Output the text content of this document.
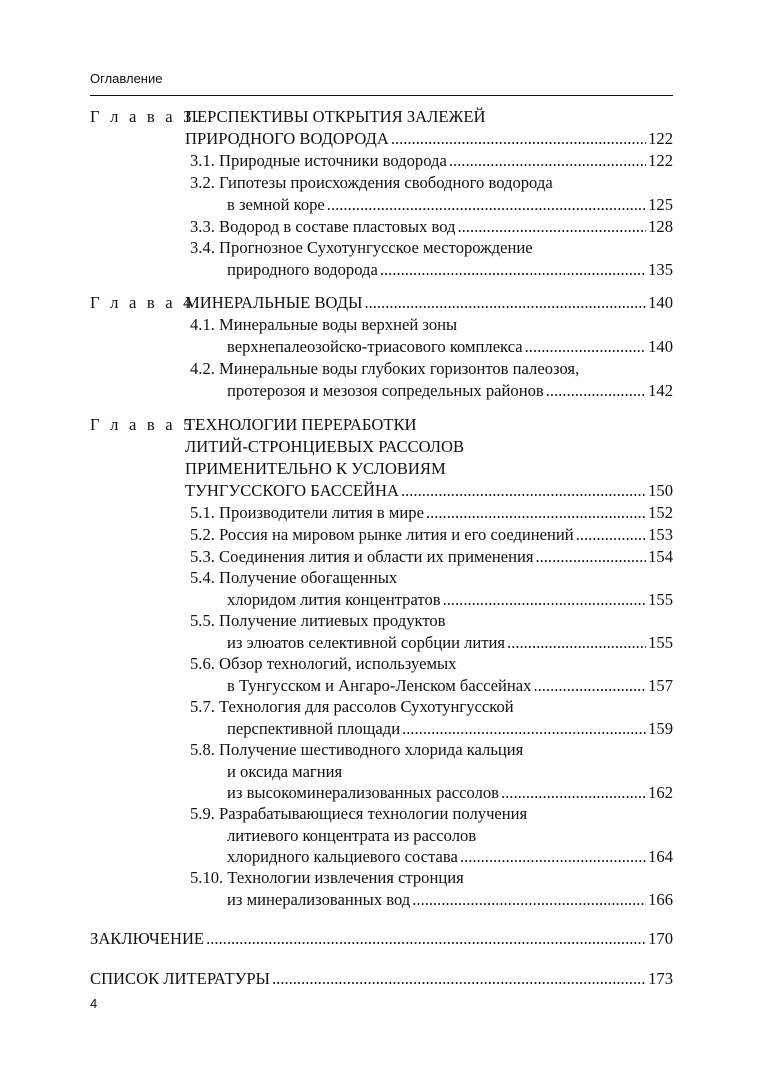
Оглавление
Г л а в а 3.
ПЕРСПЕКТИВЫ ОТКРЫТИЯ ЗАЛЕЖЕЙ
ПРИРОДНОГО ВОДОРОДА .....	122
3.1. Природные источники водорода .....	122
3.2. Гипотезы происхождения свободного водорода
в земной коре .....	125
3.3. Водород в составе пластовых вод .....	128
3.4. Прогнозное Сухотунгусское месторождение
природного водорода .....	135
Г л а в а 4.
МИНЕРАЛЬНЫЕ ВОДЫ .....	140
4.1. Минеральные воды верхней зоны
верхнепалеозойско-триасового комплекса .....	140
4.2. Минеральные воды глубоких горизонтов палеозоя,
протерозоя и мезозоя сопредельных районов .....	142
Г л а в а 5.
ТЕХНОЛОГИИ ПЕРЕРАБОТКИ
ЛИТИЙ-СТРОНЦИЕВЫХ РАССОЛОВ
ПРИМЕНИТЕЛЬНО К УСЛОВИЯМ
ТУНГУССКОГО БАССЕЙНА .....	150
5.1. Производители лития в мире .....	152
5.2. Россия на мировом рынке лития и его соединений .....	153
5.3. Соединения лития и области их применения .....	154
5.4. Получение обогащенных
хлоридом лития концентратов .....	155
5.5. Получение литиевых продуктов
из элюатов селективной сорбции лития .....	155
5.6. Обзор технологий, используемых
в Тунгусском и Ангаро-Ленском бассейнах .....	157
5.7. Технология для рассолов Сухотунгусской
перспективной площади .....	159
5.8. Получение шестиводного хлорида кальция
и оксида магния
из высокоминерализованных рассолов .....	162
5.9. Разрабатывающиеся технологии получения
литиевого концентрата из рассолов
хлоридного кальциевого состава .....	164
5.10. Технологии извлечения стронция
из минерализованных вод .....	166
ЗАКЛЮЧЕНИЕ .....	170
СПИСОК ЛИТЕРАТУРЫ .....	173
4
